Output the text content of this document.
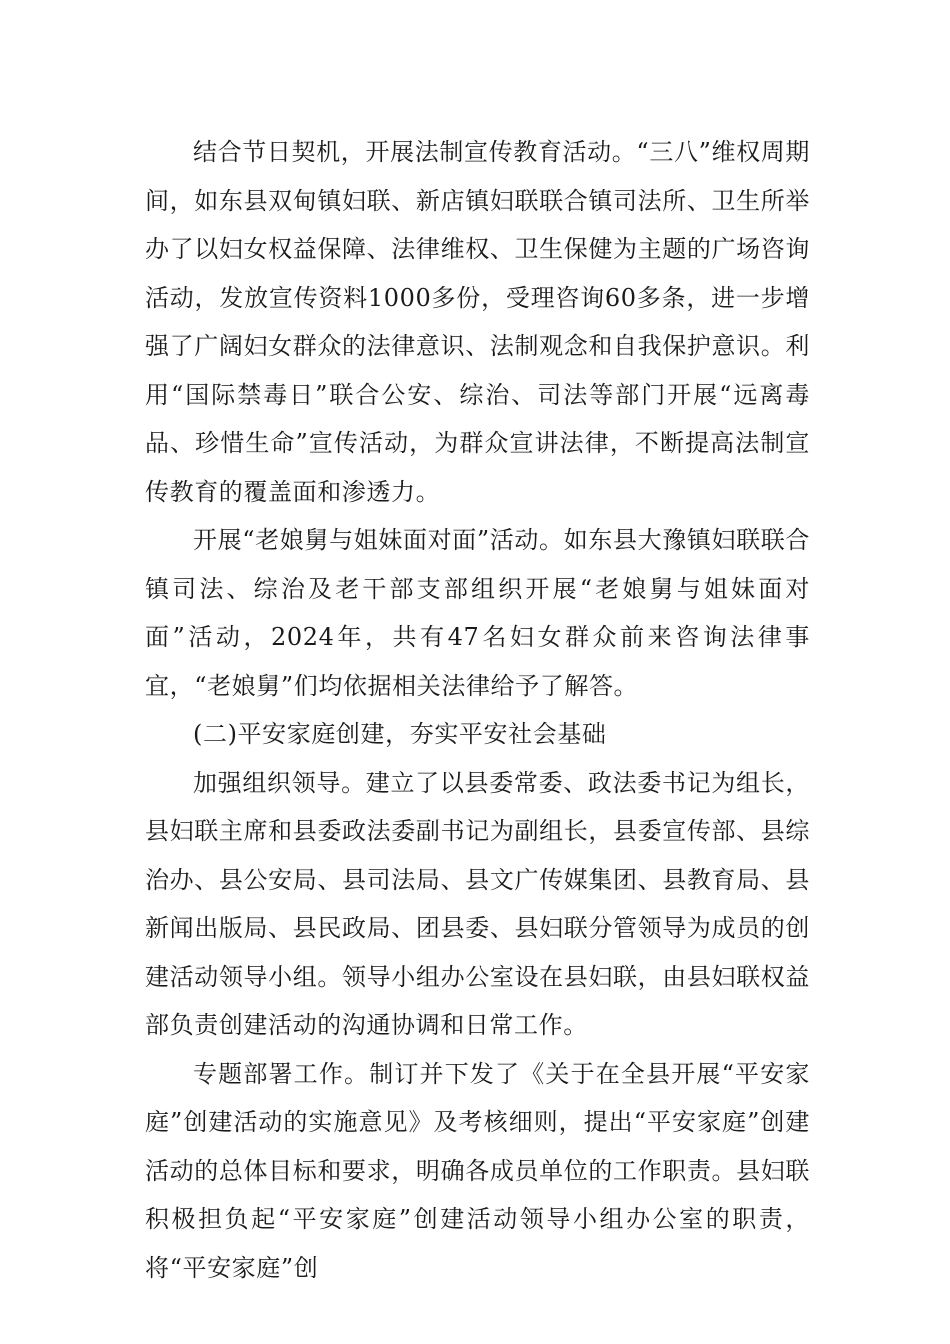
结合节日契机，开展法制宣传教育活动。“三八”维权周期间，如东县双甸镇妇联、新店镇妇联联合镇司法所、卫生所举办了以妇女权益保障、法律维权、卫生保健为主题的广场咨询活动，发放宣传资料1000多份，受理咨询60多条，进一步增强了广阔妇女群众的法律意识、法制观念和自我保护意识。利用“国际禁毒日”联合公安、综治、司法等部门开展“远离毒品、珍惜生命”宣传活动，为群众宣讲法律，不断提高法制宣传教育的覆盖面和渗透力。

开展“老娘舅与姐妹面对面”活动。如东县大豫镇妇联联合镇司法、综治及老干部支部组织开展“老娘舅与姐妹面对面”活动，2024年，共有47名妇女群众前来咨询法律事宜，“老娘舅”们均依据相关法律给予了解答。

(二)平安家庭创建，夯实平安社会基础

加强组织领导。建立了以县委常委、政法委书记为组长，县妇联主席和县委政法委副书记为副组长，县委宣传部、县综治办、县公安局、县司法局、县文广传媒集团、县教育局、县新闻出版局、县民政局、团县委、县妇联分管领导为成员的创建活动领导小组。领导小组办公室设在县妇联，由县妇联权益部负责创建活动的沟通协调和日常工作。

专题部署工作。制订并下发了《关于在全县开展“平安家庭”创建活动的实施意见》及考核细则，提出“平安家庭”创建活动的总体目标和要求，明确各成员单位的工作职责。县妇联积极担负起“平安家庭”创建活动领导小组办公室的职责，将“平安家庭”创
